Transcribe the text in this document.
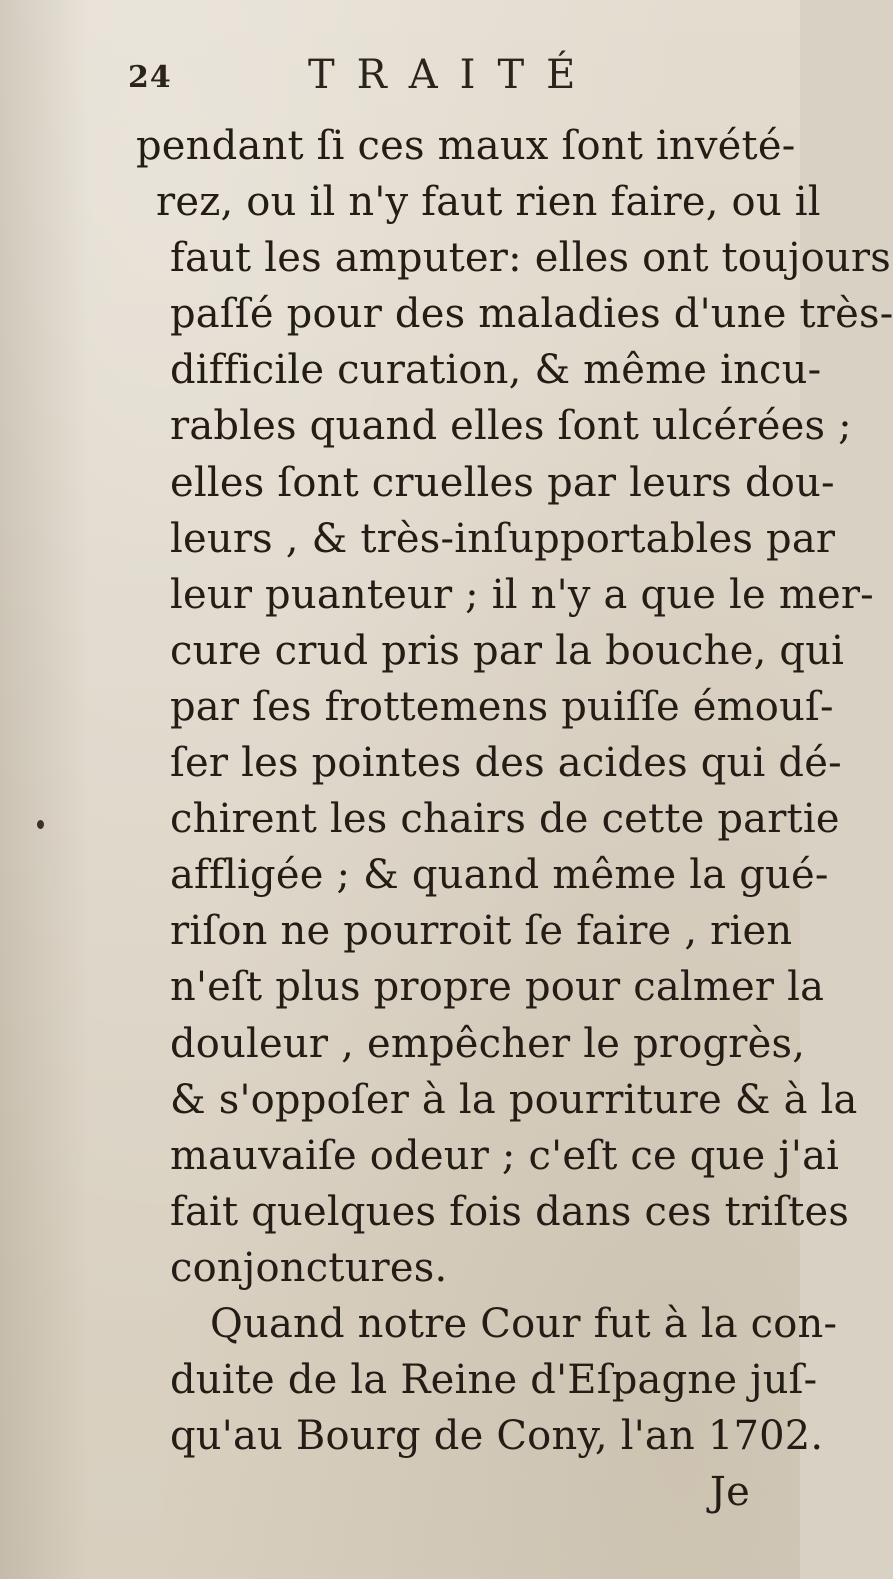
24	TRAITÉ
pendant ſi ces maux ſont invété-
rez, ou il n'y faut rien faire, ou il
faut les amputer: elles ont toujours
paſſé pour des maladies d'une très-
difficile curation, & même incu-
rables quand elles ſont ulcérées ;
elles ſont cruelles par leurs dou-
leurs , & très-inſupportables par
leur puanteur ; il n'y a que le mer-
cure crud pris par la bouche, qui
par ſes frottemens puiſſe émouſ-
ſer les pointes des acides qui dé-
chirent les chairs de cette partie
affligée ; & quand même la gué-
riſon ne pourroit ſe faire , rien
n'eſt plus propre pour calmer la
douleur , empêcher le progrès,
& s'oppoſer à la pourriture & à la
mauvaiſe odeur ; c'eſt ce que j'ai
fait quelques fois dans ces triſtes
conjonctures.
Quand notre Cour fut à la con-
duite de la Reine d'Eſpagne juſ-
qu'au Bourg de Cony, l'an 1702.
Je
